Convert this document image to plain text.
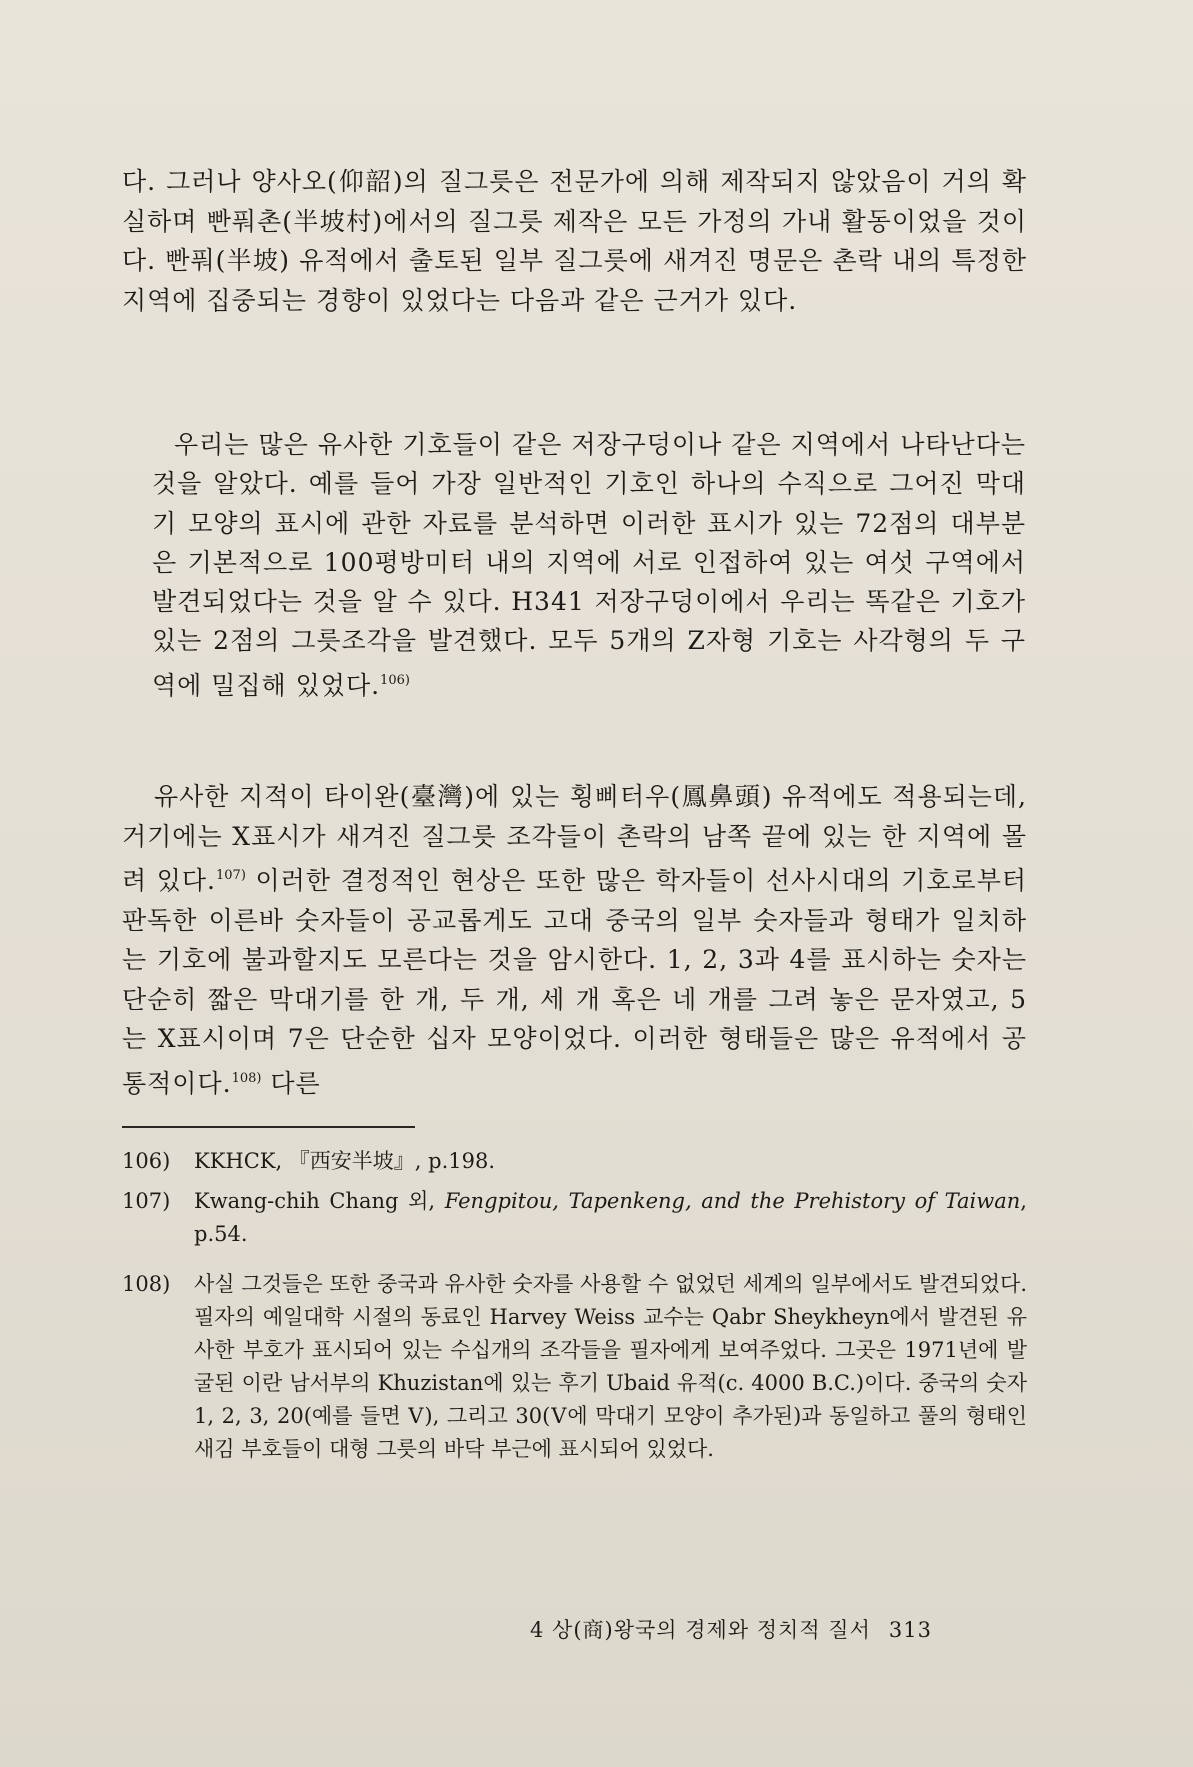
다. 그러나 양사오(仰韶)의 질그릇은 전문가에 의해 제작되지 않았음이 거의 확실하며 빤풔촌(半坡村)에서의 질그릇 제작은 모든 가정의 가내 활동이었을 것이다. 빤풔(半坡) 유적에서 출토된 일부 질그릇에 새겨진 명문은 촌락 내의 특정한 지역에 집중되는 경향이 있었다는 다음과 같은 근거가 있다.

우리는 많은 유사한 기호들이 같은 저장구덩이나 같은 지역에서 나타난다는 것을 알았다. 예를 들어 가장 일반적인 기호인 하나의 수직으로 그어진 막대기 모양의 표시에 관한 자료를 분석하면 이러한 표시가 있는 72점의 대부분은 기본적으로 100평방미터 내의 지역에 서로 인접하여 있는 여섯 구역에서 발견되었다는 것을 알 수 있다. H341 저장구덩이에서 우리는 똑같은 기호가 있는 2점의 그릇조각을 발견했다. 모두 5개의 Z자형 기호는 사각형의 두 구역에 밀집해 있었다.$^{106)}$

유사한 지적이 타이완(臺灣)에 있는 횡삐터우(鳳鼻頭) 유적에도 적용되는데, 거기에는 X표시가 새겨진 질그릇 조각들이 촌락의 남쪽 끝에 있는 한 지역에 몰려 있다.$^{107)}$ 이러한 결정적인 현상은 또한 많은 학자들이 선사시대의 기호로부터 판독한 이른바 숫자들이 공교롭게도 고대 중국의 일부 숫자들과 형태가 일치하는 기호에 불과할지도 모른다는 것을 암시한다. 1, 2, 3과 4를 표시하는 숫자는 단순히 짧은 막대기를 한 개, 두 개, 세 개 혹은 네 개를 그려 놓은 문자였고, 5는 X표시이며 7은 단순한 십자 모양이었다. 이러한 형태들은 많은 유적에서 공통적이다.$^{108)}$ 다른

106)	KKHCK, 『西安半坡』, p.198.
107)	Kwang-chih Chang 외, Fengpitou, Tapenkeng, and the Prehistory of Taiwan, p.54.
108)	사실 그것들은 또한 중국과 유사한 숫자를 사용할 수 없었던 세계의 일부에서도 발견되었다. 필자의 예일대학 시절의 동료인 Harvey Weiss 교수는 Qabr Sheykheyn에서 발견된 유사한 부호가 표시되어 있는 수십개의 조각들을 필자에게 보여주었다. 그곳은 1971년에 발굴된 이란 남서부의 Khuzistan에 있는 후기 Ubaid 유적(c. 4000 B.C.)이다. 중국의 숫자 1, 2, 3, 20(예를 들면 Ⅴ), 그리고 30(Ⅴ에 막대기 모양이 추가된)과 동일하고 풀의 형태인 새김 부호들이 대형 그릇의 바닥 부근에 표시되어 있었다.
4 상(商)왕국의 경제와 정치적 질서 313
